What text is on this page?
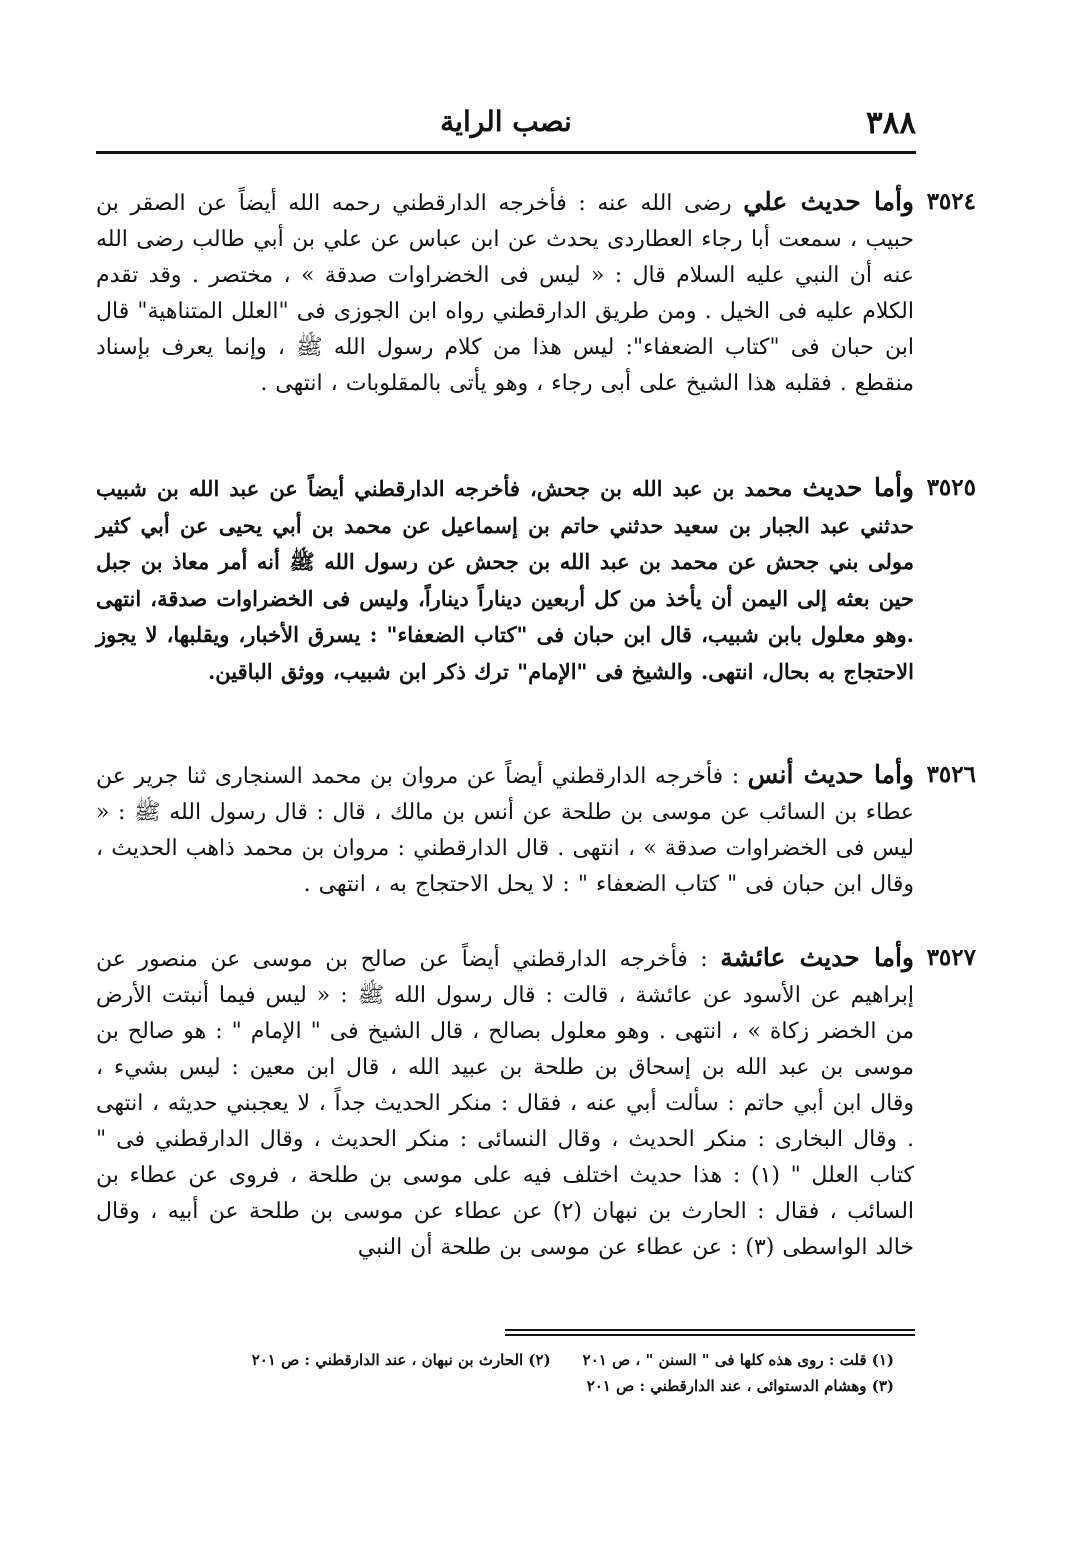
٣٨٨
نصب الراية
٣٥٢٤
وأما حديث علي رضى الله عنه : فأخرجه الدارقطني رحمه الله أيضاً عن الصقر بن حبيب ، سمعت أبا رجاء العطاردى يحدث عن ابن عباس عن علي بن أبي طالب رضى الله عنه أن النبي عليه السلام قال : « ليس فى الخضراوات صدقة » ، مختصر . وقد تقدم الكلام عليه فى الخيل . ومن طريق الدارقطني رواه ابن الجوزى فى "العلل المتناهية" قال ابن حبان فى "كتاب الضعفاء": ليس هذا من كلام رسول الله ﷺ ، وإنما يعرف بإسناد منقطع . فقلبه هذا الشيخ على أبى رجاء ، وهو يأتى بالمقلوبات ، انتهى .
٣٥٢٥
وأما حديث محمد بن عبد الله بن جحش، فأخرجه الدارقطني أيضاً عن عبد الله بن شبيب حدثني عبد الجبار بن سعيد حدثني حاتم بن إسماعيل عن محمد بن أبي يحيى عن أبي كثير مولى بني جحش عن محمد بن عبد الله بن جحش عن رسول الله ﷺ أنه أمر معاذ بن جبل حين بعثه إلى اليمن أن يأخذ من كل أربعين ديناراً ديناراً، وليس فى الخضراوات صدقة، انتهى .وهو معلول بابن شبيب، قال ابن حبان فى "كتاب الضعفاء" : يسرق الأخبار، ويقلبها، لا يجوز الاحتجاج به بحال، انتهى. والشيخ فى "الإمام" ترك ذكر ابن شبيب، ووثق الباقين.
٣٥٢٦
وأما حديث أنس : فأخرجه الدارقطني أيضاً عن مروان بن محمد السنجارى ثنا جرير عن عطاء بن السائب عن موسى بن طلحة عن أنس بن مالك ، قال : قال رسول الله ﷺ : « ليس فى الخضراوات صدقة » ، انتهى . قال الدارقطني : مروان بن محمد ذاهب الحديث ، وقال ابن حبان فى " كتاب الضعفاء " : لا يحل الاحتجاج به ، انتهى .
٣٥٢٧
وأما حديث عائشة : فأخرجه الدارقطني أيضاً عن صالح بن موسى عن منصور عن إبراهيم عن الأسود عن عائشة ، قالت : قال رسول الله ﷺ : « ليس فيما أنبتت الأرض من الخضر زكاة » ، انتهى . وهو معلول بصالح ، قال الشيخ فى " الإمام " : هو صالح بن موسى بن عبد الله بن إسحاق بن طلحة بن عبيد الله ، قال ابن معين : ليس بشيء ، وقال ابن أبي حاتم : سألت أبي عنه ، فقال : منكر الحديث جداً ، لا يعجبني حديثه ، انتهى . وقال البخارى : منكر الحديث ، وقال النسائى : منكر الحديث ، وقال الدارقطني فى " كتاب العلل " (١) : هذا حديث اختلف فيه على موسى بن طلحة ، فروى عن عطاء بن السائب ، فقال : الحارث بن نبهان (٢) عن عطاء عن موسى بن طلحة عن أبيه ، وقال خالد الواسطى (٣) : عن عطاء عن موسى بن طلحة أن النبي
(١) قلت : روى هذه كلها فى " السنن " ، ص ٢٠١(٢) الحارث بن نبهان ، عند الدارقطني : ص ٢٠١
(٣) وهشام الدستوائى ، عند الدارقطني : ص ٢٠١
